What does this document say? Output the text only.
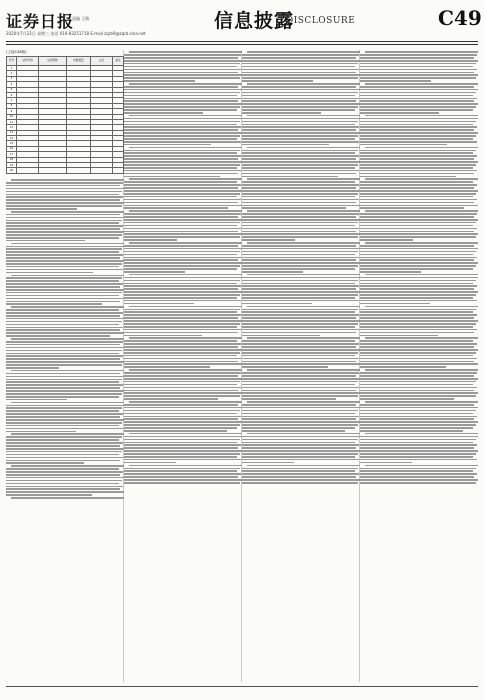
证券日报
责编 王敏
2020年7月22日 星期三 电话 010-83251718 E-mail zqrb9@zqrb.sina.net
信息披露
DISCLOSURE	C49
(上接C48版)
序号	证券代码	证券简称	持股数量	占比	备注
1					
2					
3					
4					
5					
6					
7					
8					
9					
10					
11					
12					
13					
14					
15					
16					
17					
18					
19					
20					
